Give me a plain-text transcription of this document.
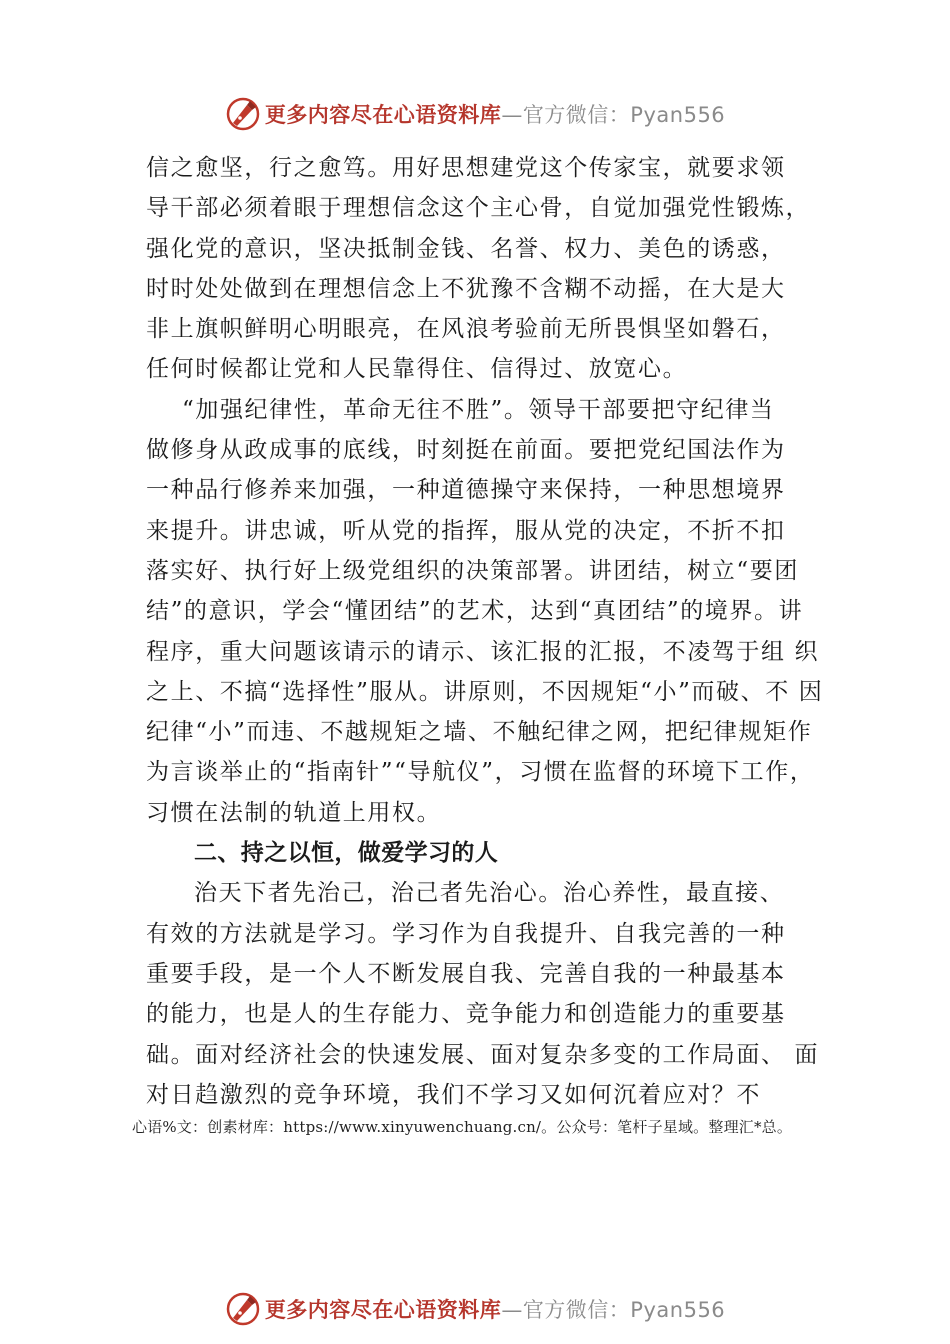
更多内容尽在心语资料库—官方微信：Pyan556
信之愈坚，行之愈笃。用好思想建党这个传家宝，就要求领
导干部必须着眼于理想信念这个主心骨，自觉加强党性锻炼，
强化党的意识，坚决抵制金钱、名誉、权力、美色的诱惑，
时时处处做到在理想信念上不犹豫不含糊不动摇，在大是大
非上旗帜鲜明心明眼亮，在风浪考验前无所畏惧坚如磐石，
任何时候都让党和人民靠得住、信得过、放宽心。
“加强纪律性，革命无往不胜”。领导干部要把守纪律当
做修身从政成事的底线，时刻挺在前面。要把党纪国法作为
一种品行修养来加强，一种道德操守来保持，一种思想境界
来提升。讲忠诚，听从党的指挥，服从党的决定，不折不扣
落实好、执行好上级党组织的决策部署。讲团结，树立“要团
结”的意识，学会“懂团结”的艺术，达到“真团结”的境界。讲
程序，重大问题该请示的请示、该汇报的汇报，不凌驾于组 织
之上、不搞“选择性”服从。讲原则，不因规矩“小”而破、不 因
纪律“小”而违、不越规矩之墙、不触纪律之网，把纪律规矩作
为言谈举止的“指南针”“导航仪”，习惯在监督的环境下工作，
习惯在法制的轨道上用权。
二、持之以恒，做爱学习的人
治天下者先治己，治己者先治心。治心养性，最直接、
有效的方法就是学习。学习作为自我提升、自我完善的一种
重要手段，是一个人不断发展自我、完善自我的一种最基本
的能力，也是人的生存能力、竞争能力和创造能力的重要基
础。面对经济社会的快速发展、面对复杂多变的工作局面、 面
对日趋激烈的竞争环境，我们不学习又如何沉着应对？不
心语%文：创素材库：https://www.xinyuwenchuang.cn/。公众号：笔杆子星域。整理汇*总。
更多内容尽在心语资料库—官方微信：Pyan556
